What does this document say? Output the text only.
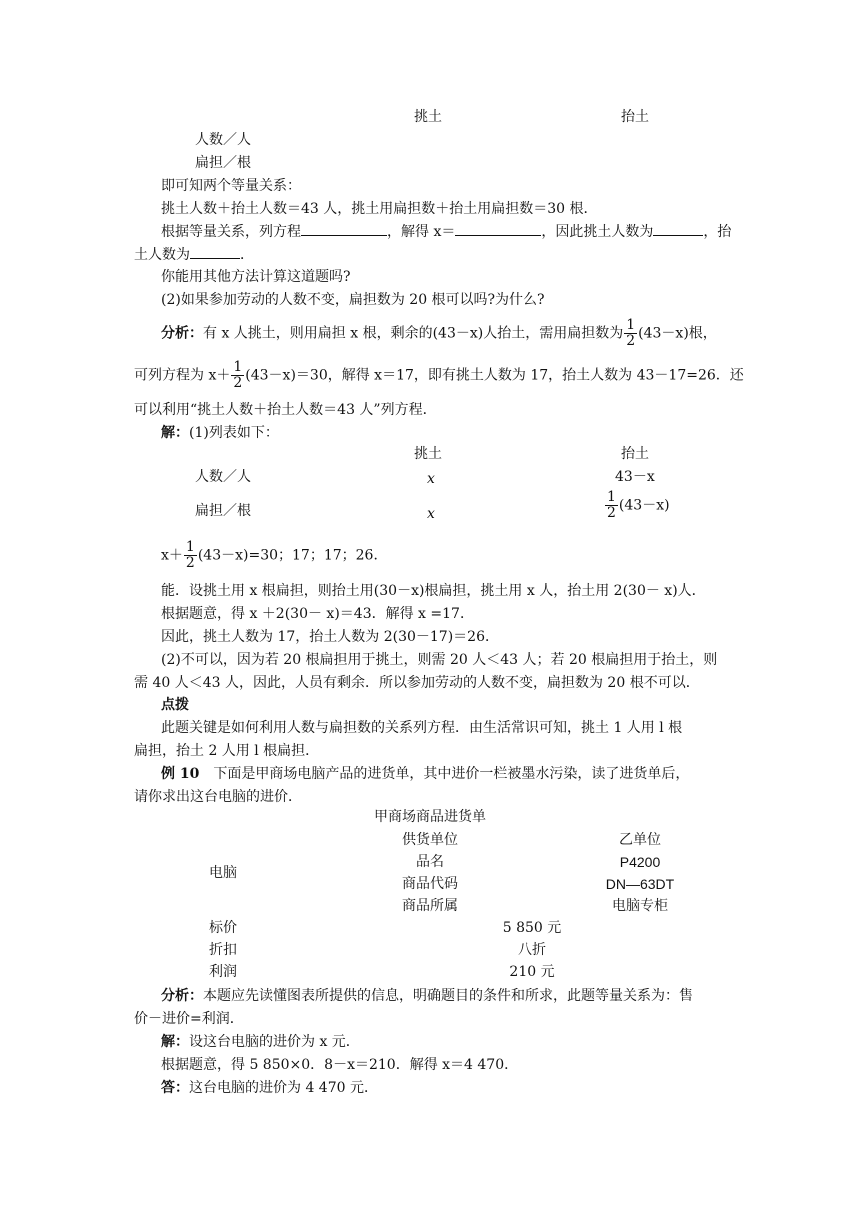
挑土	抬土
人数／人
扁担／根
即可知两个等量关系：
挑土人数＋抬土人数＝43 人，挑土用扁担数＋抬土用扁担数＝30 根．
根据等量关系，列方程	，解得 x＝	，因此挑土人数为	，抬
土人数为	．
你能用其他方法计算这道题吗?
(2)如果参加劳动的人数不变，扁担数为 20 根可以吗?为什么?
分析：有 x 人挑土，则用扁担 x 根，剩余的(43－x)人抬土，需用扁担数为 $\frac{1}{2} (43-x)$根，
可列方程为 $x+ \frac{1}{2} (43-x)=30$，解得 x＝17，即有挑土人数为 17，抬土人数为 43－17=26．还
可以利用“挑土人数＋抬土人数＝43 人”列方程．
解：(1)列表如下：
挑土	抬土
人数／人	x	43－x
扁担／根	x	$\frac{1}{2} (43-x)$
$x+ \frac{1}{2} (43-x)=30$；17；17；26．
能．设挑土用 x 根扁担，则抬土用(30－x)根扁担，挑土用 x 人，抬土用 2(30－ x)人．
根据题意，得 x ＋2(30－ x)＝43．解得 x =17．
因此，挑土人数为 17，抬土人数为 2(30－17)＝26．
(2)不可以，因为若 20 根扁担用于挑土，则需 20 人＜43 人；若 20 根扁担用于抬土，则
需 40 人＜43 人，因此，人员有剩余．所以参加劳动的人数不变，扁担数为 20 根不可以．
点拨
此题关键是如何利用人数与扁担数的关系列方程．由生活常识可知，挑土 1 人用 l 根
扁担，抬土 2 人用 l 根扁担．
例 10 下面是甲商场电脑产品的进货单，其中进价一栏被墨水污染，读了进货单后，
请你求出这台电脑的进价．
甲商场商品进货单
供货单位	乙单位
电脑
品名	P4200
商品代码	DN—63DT
商品所属	电脑专柜
标价	5 850 元
折扣	八折
利润	210 元
分析：本题应先读懂图表所提供的信息，明确题目的条件和所求，此题等量关系为：售
价－进价=利润．
解：设这台电脑的进价为 x 元．
根据题意，得 5 850×0．8－x＝210．解得 x＝4 470．
答：这台电脑的进价为 4 470 元．
